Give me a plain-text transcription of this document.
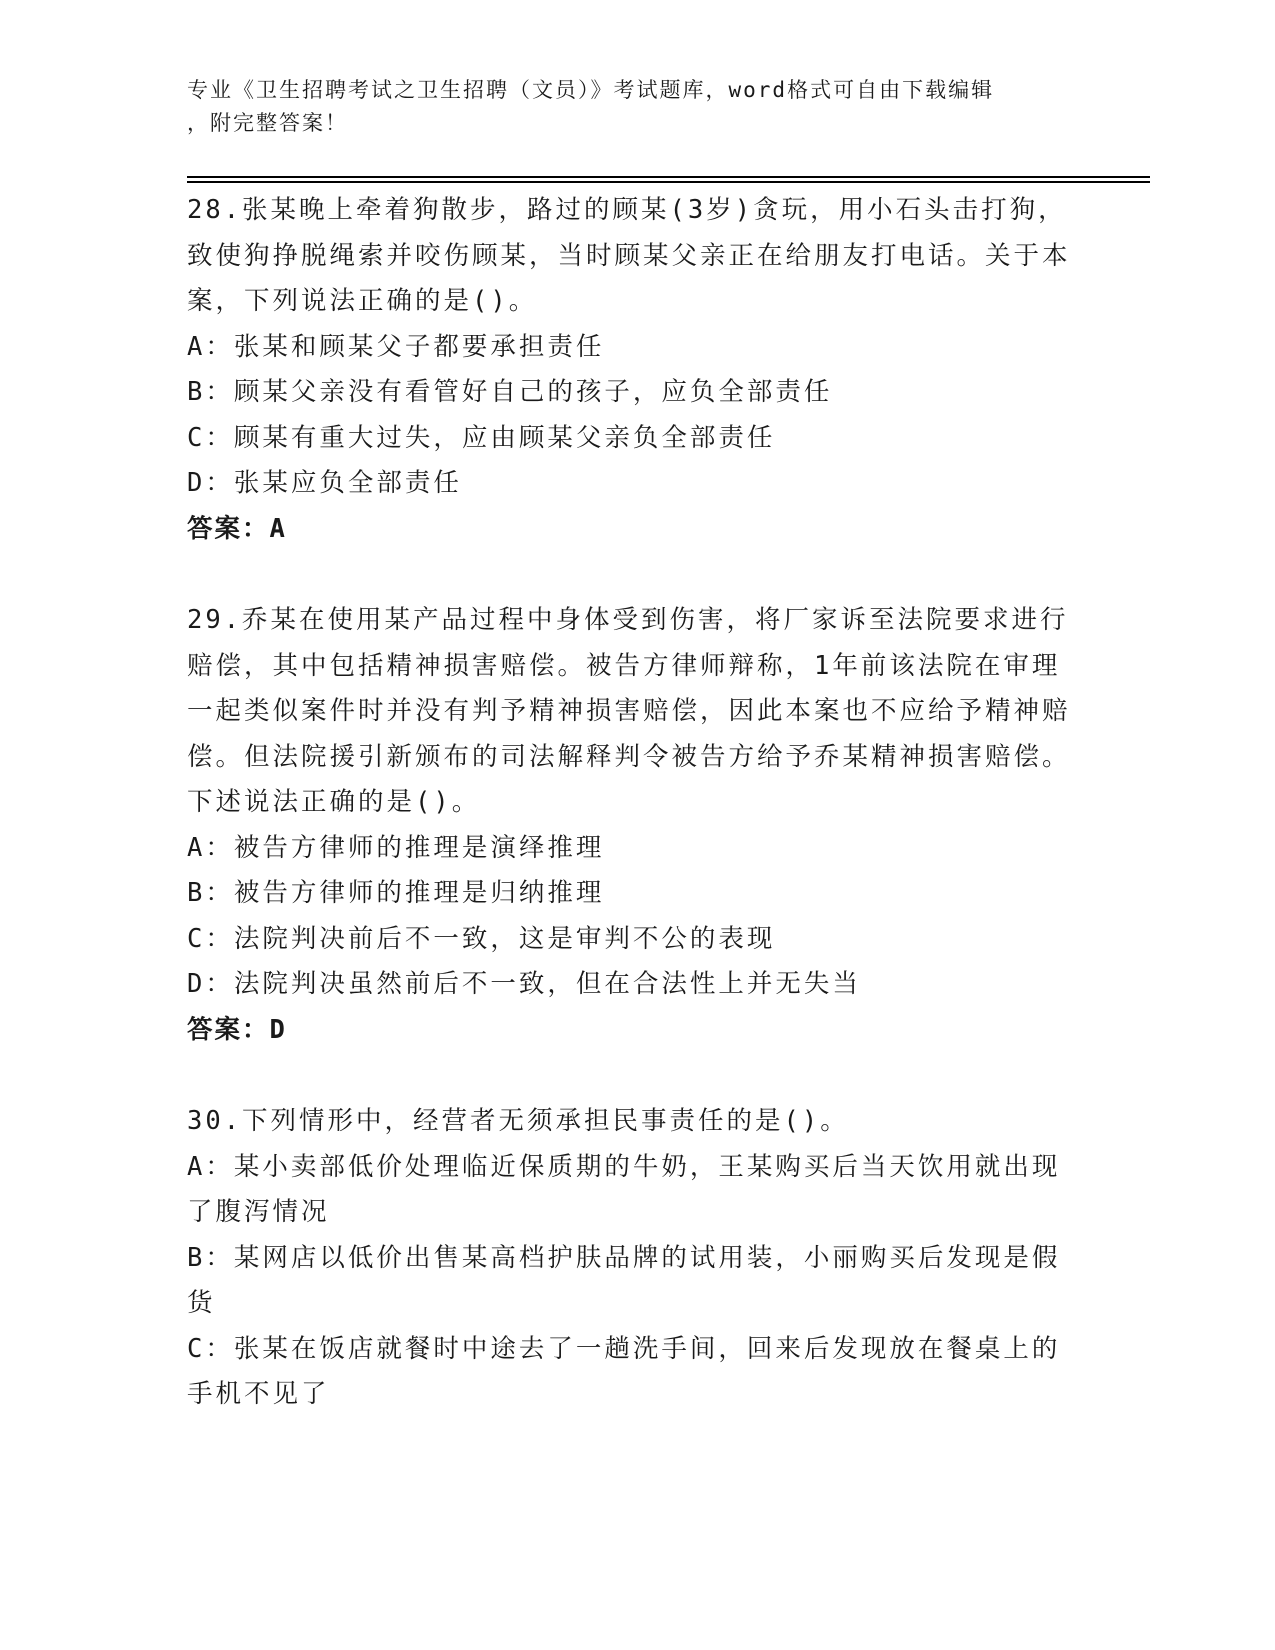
专业《卫生招聘考试之卫生招聘（文员）》考试题库，word格式可自由下载编辑
，附完整答案！
28.张某晚上牵着狗散步，路过的顾某(3岁)贪玩，用小石头击打狗，致使狗挣脱绳索并咬伤顾某，当时顾某父亲正在给朋友打电话。关于本案，下列说法正确的是()。
A：张某和顾某父子都要承担责任
B：顾某父亲没有看管好自己的孩子，应负全部责任
C：顾某有重大过失，应由顾某父亲负全部责任
D：张某应负全部责任
答案：A
29.乔某在使用某产品过程中身体受到伤害，将厂家诉至法院要求进行赔偿，其中包括精神损害赔偿。被告方律师辩称，1年前该法院在审理一起类似案件时并没有判予精神损害赔偿，因此本案也不应给予精神赔偿。但法院援引新颁布的司法解释判令被告方给予乔某精神损害赔偿。下述说法正确的是()。
A：被告方律师的推理是演绎推理
B：被告方律师的推理是归纳推理
C：法院判决前后不一致，这是审判不公的表现
D：法院判决虽然前后不一致，但在合法性上并无失当
答案：D
30.下列情形中，经营者无须承担民事责任的是()。
A：某小卖部低价处理临近保质期的牛奶，王某购买后当天饮用就出现了腹泻情况
B：某网店以低价出售某高档护肤品牌的试用装，小丽购买后发现是假货
C：张某在饭店就餐时中途去了一趟洗手间，回来后发现放在餐桌上的手机不见了
